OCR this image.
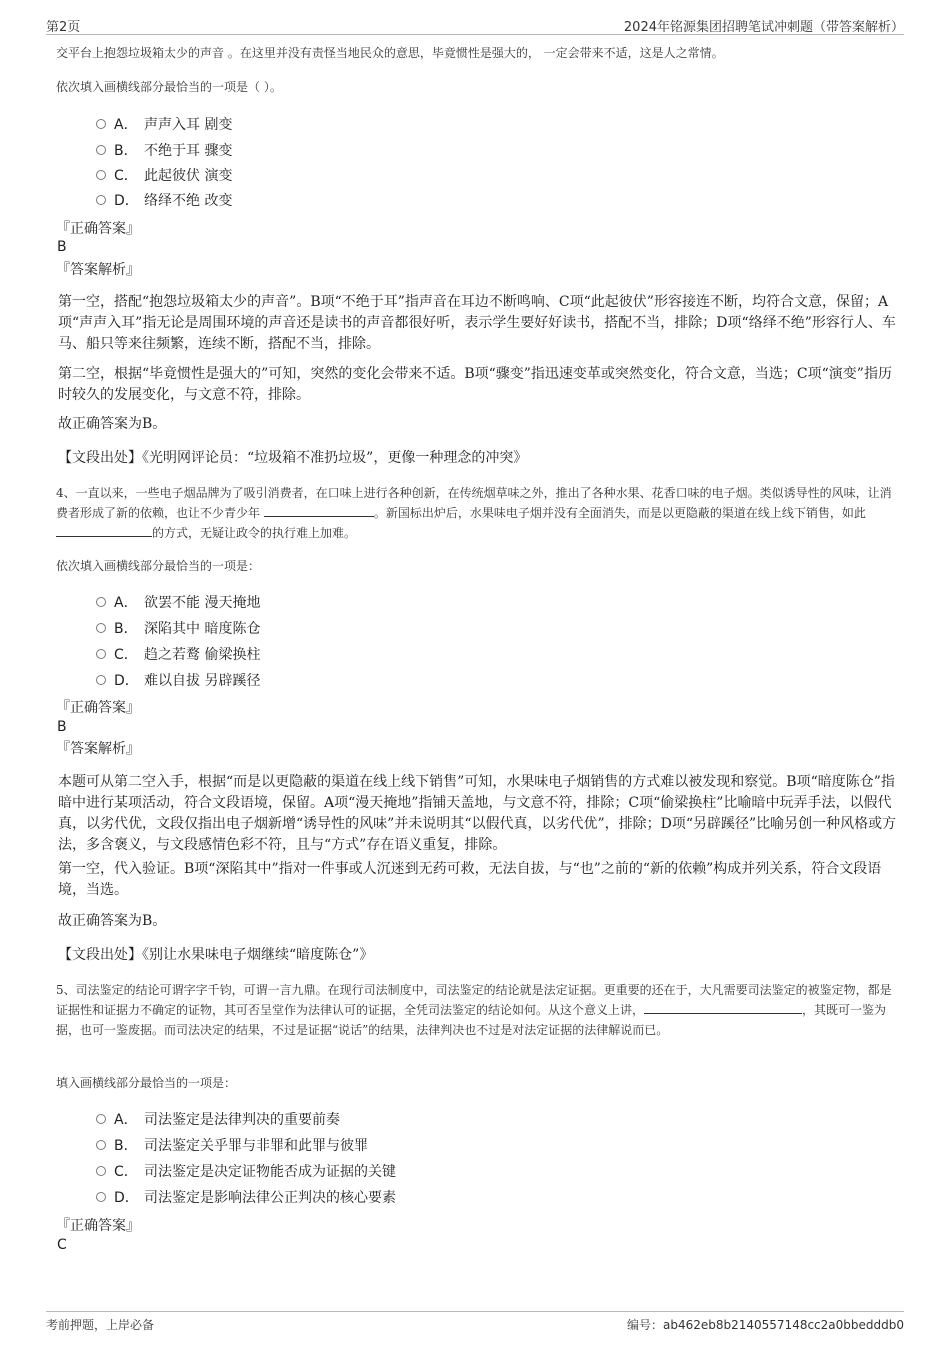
第2页	2024年铭源集团招聘笔试冲刺题（带答案解析）

交平台上抱怨垃圾箱太少的声音 。在这里并没有责怪当地民众的意思，毕竟惯性是强大的， 一定会带来不适，这是人之常情。

依次填入画横线部分最恰当的一项是（ ）。

A． 声声入耳 剧变
B． 不绝于耳 骤变
C． 此起彼伏 演变
D． 络绎不绝 改变
『正确答案』
B
『答案解析』

第一空，搭配“抱怨垃圾箱太少的声音”。B项“不绝于耳”指声音在耳边不断鸣响、C项“此起彼伏”形容接连不断，均符合文意，保留；A项“声声入耳”指无论是周围环境的声音还是读书的声音都很好听，表示学生要好好读书，搭配不当，排除；D项“络绎不绝”形容行人、车马、船只等来往频繁，连续不断，搭配不当，排除。

第二空，根据“毕竟惯性是强大的”可知，突然的变化会带来不适。B项“骤变”指迅速变革或突然变化，符合文意，当选；C项“演变”指历时较久的发展变化，与文意不符，排除。

故正确答案为B。

【文段出处】《光明网评论员：“垃圾箱不准扔垃圾”，更像一种理念的冲突》

4、一直以来，一些电子烟品牌为了吸引消费者，在口味上进行各种创新，在传统烟草味之外，推出了各种水果、花香口味的电子烟。类似诱导性的风味，让消费者形成了新的依赖，也让不少青少年	。新国标出炉后，水果味电子烟并没有全面消失，而是以更隐蔽的渠道在线上线下销售，如此 的方式，无疑让政令的执行难上加难。

依次填入画横线部分最恰当的一项是：

A． 欲罢不能 漫天掩地
B． 深陷其中 暗度陈仓
C． 趋之若鹜 偷梁换柱
D． 难以自拔 另辟蹊径
『正确答案』
B
『答案解析』

本题可从第二空入手，根据“而是以更隐蔽的渠道在线上线下销售”可知，水果味电子烟销售的方式难以被发现和察觉。B项“暗度陈仓”指暗中进行某项活动，符合文段语境，保留。A项“漫天掩地”指铺天盖地，与文意不符，排除；C项“偷梁换柱”比喻暗中玩弄手法，以假代真，以劣代优，文段仅指出电子烟新增“诱导性的风味”并未说明其“以假代真，以劣代优”，排除；D项“另辟蹊径”比喻另创一种风格或方法，多含褒义，与文段感情色彩不符，且与“方式”存在语义重复，排除。

第一空，代入验证。B项“深陷其中”指对一件事或人沉迷到无药可救，无法自拔，与“也”之前的“新的依赖”构成并列关系，符合文段语境，当选。

故正确答案为B。

【文段出处】《别让水果味电子烟继续“暗度陈仓”》

5、司法鉴定的结论可谓字字千钧，可谓一言九鼎。在现行司法制度中，司法鉴定的结论就是法定证据。更重要的还在于，大凡需要司法鉴定的被鉴定物，都是证据性和证据力不确定的证物，其可否呈堂作为法律认可的证据，全凭司法鉴定的结论如何。从这个意义上讲，	，其既可一鉴为据，也可一鉴废据。而司法决定的结果，不过是证据“说话”的结果，法律判决也不过是对法定证据的法律解说而已。

填入画横线部分最恰当的一项是：

A． 司法鉴定是法律判决的重要前奏
B． 司法鉴定关乎罪与非罪和此罪与彼罪
C． 司法鉴定是决定证物能否成为证据的关键
D． 司法鉴定是影响法律公正判决的核心要素
『正确答案』
C
考前押题，上岸必备	编号：ab462eb8b2140557148cc2a0bbedddb0
